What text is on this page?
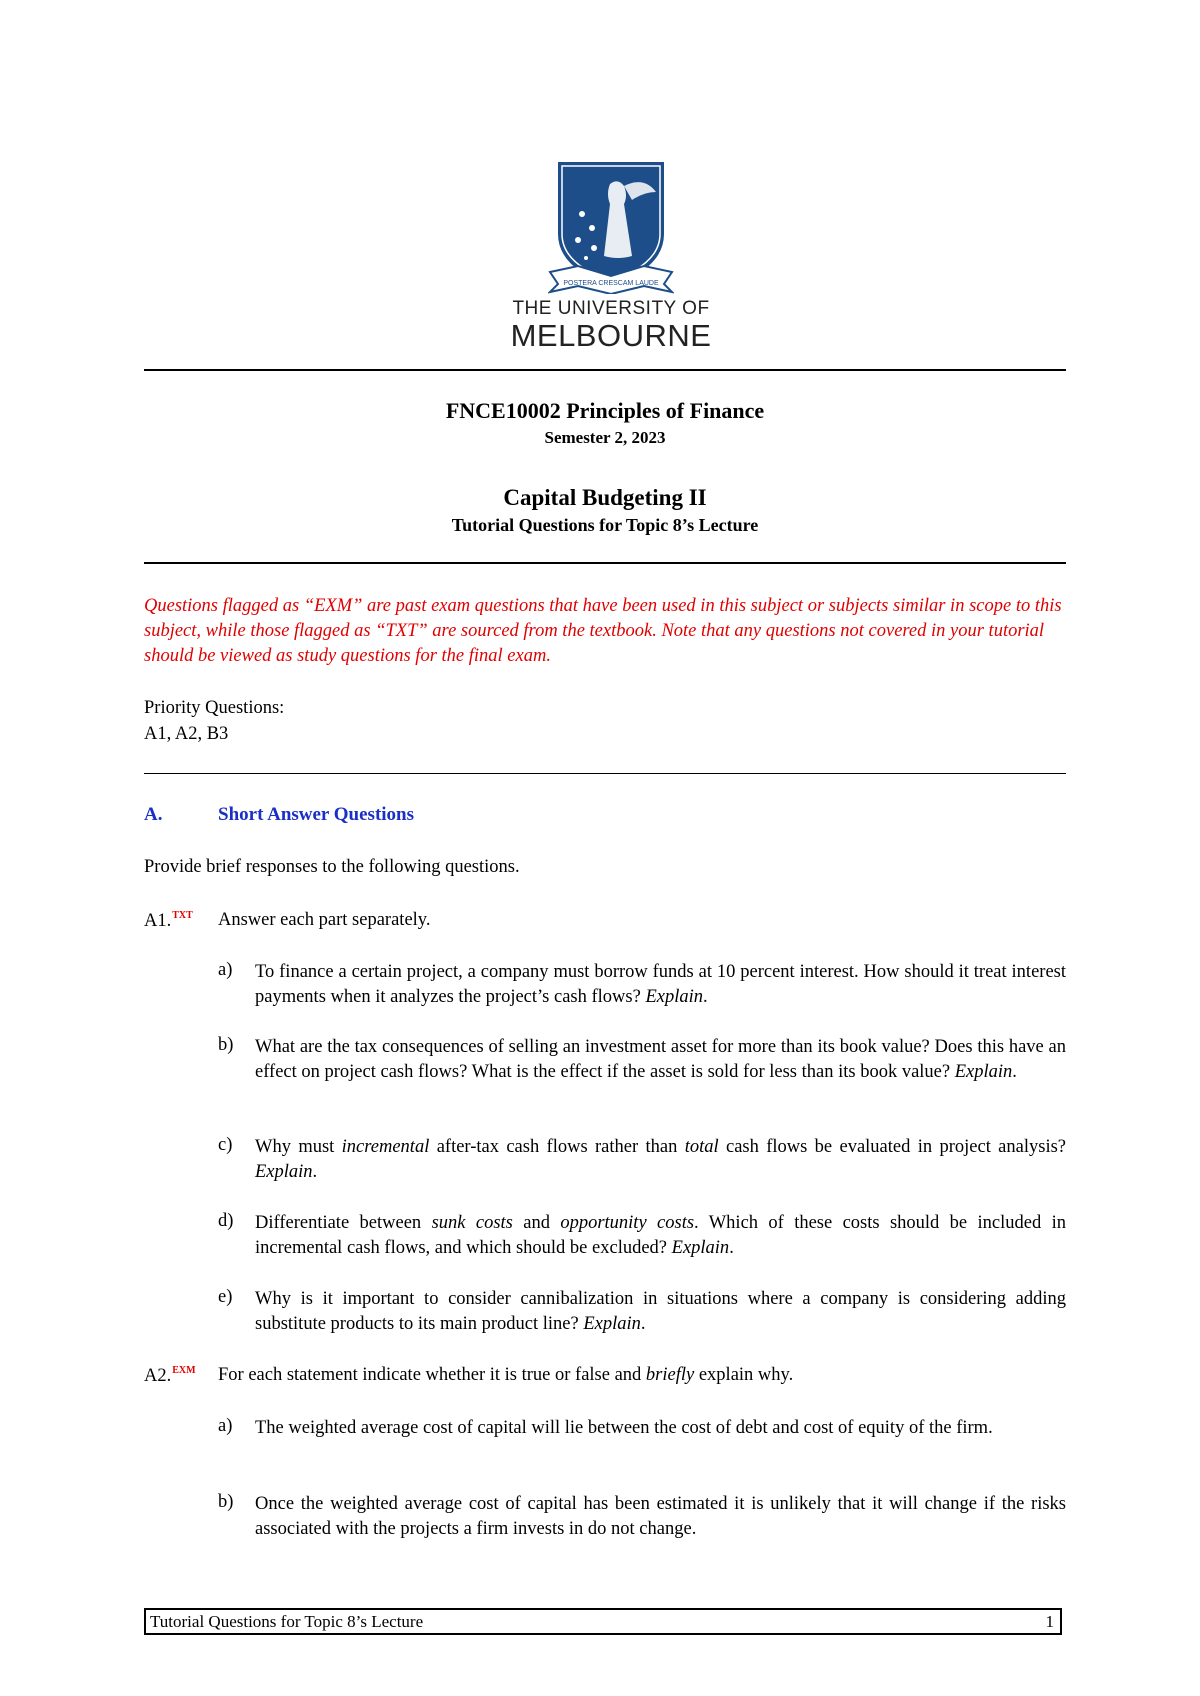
POSTERA CRESCAM LAUDE
THE UNIVERSITY OF
MELBOURNE
FNCE10002 Principles of Finance
Semester 2, 2023
Capital Budgeting II
Tutorial Questions for Topic 8’s Lecture
Questions flagged as “EXM” are past exam questions that have been used in this subject or subjects similar in scope to this subject, while those flagged as “TXT” are sourced from the textbook. Note that any questions not covered in your tutorial should be viewed as study questions for the final exam.
Priority Questions:
A1, A2, B3
A.	Short Answer Questions
Provide brief responses to the following questions.
A1.$^{TXT}$ Answer each part separately.
a) To finance a certain project, a company must borrow funds at 10 percent interest. How should it treat interest payments when it analyzes the project’s cash flows? Explain.
b) What are the tax consequences of selling an investment asset for more than its book value? Does this have an effect on project cash flows? What is the effect if the asset is sold for less than its book value? Explain.
c) Why must incremental after-tax cash flows rather than total cash flows be evaluated in project analysis? Explain.
d) Differentiate between sunk costs and opportunity costs. Which of these costs should be included in incremental cash flows, and which should be excluded? Explain.
e) Why is it important to consider cannibalization in situations where a company is considering adding substitute products to its main product line? Explain.
A2.$^{EXM}$ For each statement indicate whether it is true or false and briefly explain why.
a) The weighted average cost of capital will lie between the cost of debt and cost of equity of the firm.
b) Once the weighted average cost of capital has been estimated it is unlikely that it will change if the risks associated with the projects a firm invests in do not change.
Tutorial Questions for Topic 8’s Lecture	1
